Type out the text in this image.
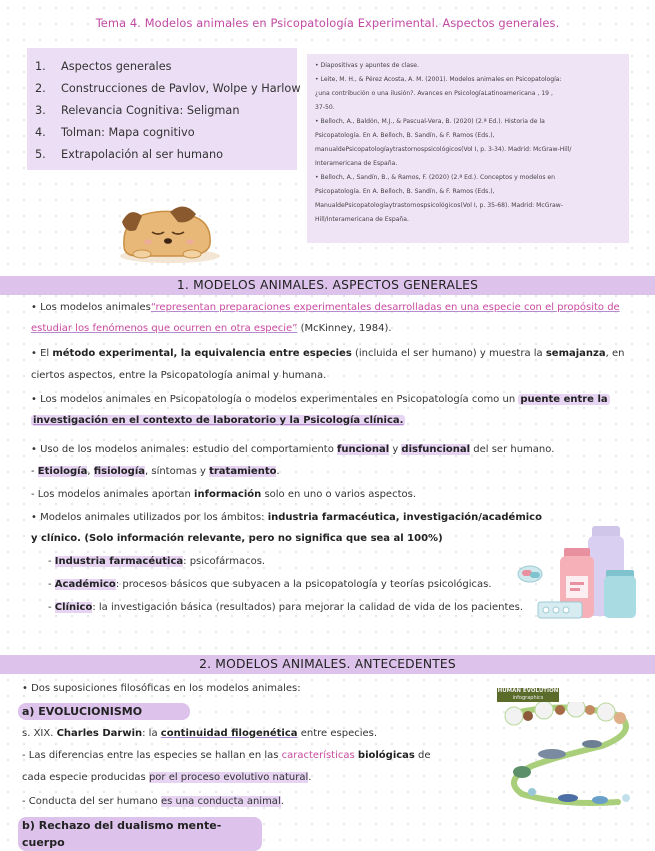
Tema 4. Modelos animales en Psicopatología Experimental. Aspectos generales.
1. Aspectos generales
2. Construcciones de Pavlov, Wolpe y Harlow
3. Relevancia Cognitiva: Seligman
4. Tolman: Mapa cognitivo
5. Extrapolación al ser humano
• Diapositivas y apuntes de clase.
• Leite, M. H., & Pérez Acosta, A. M. (2001). Modelos animales en Psicopatología:
¿una contribución o una ilusión?. Avances en PsicologíaLatinoamericana , 19 ,
37-50.
• Belloch, A., Baldón, M.J., & Pascual-Vera, B. (2020) (2.ª Ed.). Historia de la
Psicopatología. En A. Belloch, B. Sandín, & F. Ramos (Eds.),
manualdePsicopatologíaytrastornospsicológicos(Vol I, p. 3-34). Madrid: McGraw-Hill/
Interamericana de España.
• Belloch, A., Sandín, B., & Ramos, F. (2020) (2.ª Ed.). Conceptos y modelos en
Psicopatología. En A. Belloch, B. Sandín, & F. Ramos (Eds.),
ManualdePsicopatologíaytrastornospsicológicos(Vol I, p. 35-68). Madrid: McGraw-
Hill/Interamericana de España.
1. MODELOS ANIMALES. ASPECTOS GENERALES
• Los modelos animales“representan preparaciones experimentales desarrolladas en una especie con el propósito de
estudiar los fenómenos que ocurren en otra especie” (McKinney, 1984).
• El método experimental, la equivalencia entre especies (incluida el ser humano) y muestra la semajanza, en
ciertos aspectos, entre la Psicopatología animal y humana.
• Los modelos animales en Psicopatología o modelos experimentales en Psicopatología como un puente entre la
investigación en el contexto de laboratorio y la Psicología clínica.
• Uso de los modelos animales: estudio del comportamiento funcional y disfuncional del ser humano.
- Etiología, fisiología, síntomas y tratamiento.
- Los modelos animales aportan información solo en uno o varios aspectos.
• Modelos animales utilizados por los ámbitos: industria farmacéutica, investigación/académico
y clínico. (Solo información relevante, pero no significa que sea al 100%)
- Industria farmacéutica: psicofármacos.
- Académico: procesos básicos que subyacen a la psicopatología y teorías psicológicas.
- Clínico: la investigación básica (resultados) para mejorar la calidad de vida de los pacientes.
2. MODELOS ANIMALES. ANTECEDENTES
• Dos suposiciones filosóficas en los modelos animales:
a) EVOLUCIONISMO
s. XIX. Charles Darwin: la continuidad filogenética entre especies.
- Las diferencias entre las especies se hallan en las características biológicas de
cada especie producidas por el proceso evolutivo natural.
- Conducta del ser humano es una conducta animal.
b) Rechazo del dualismo mente-cuerpo
HUMAN EVOLUTION
infographics
